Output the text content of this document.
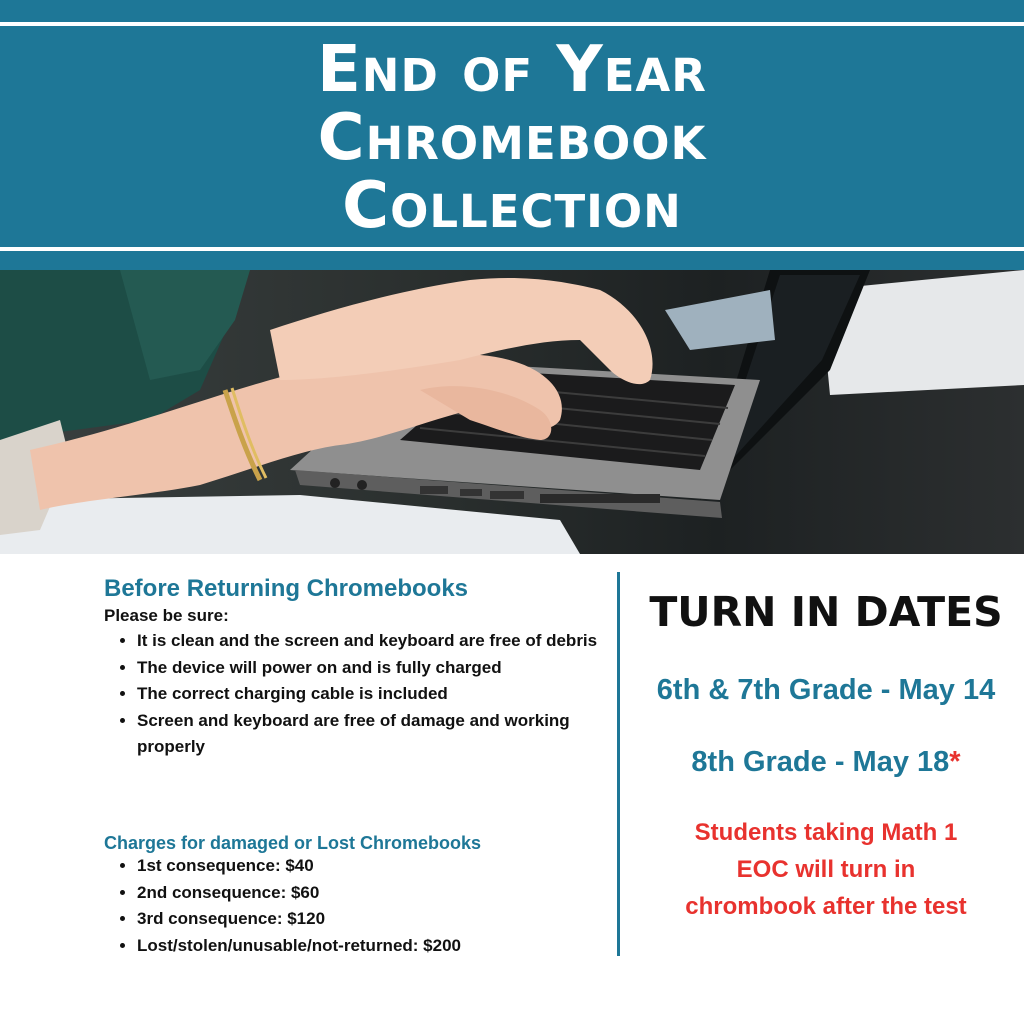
End of Year
Chromebook
Collection
Before Returning Chromebooks

Please be sure:

• It is clean and the screen and keyboard are free of debris
• The device will power on and is fully charged
• The correct charging cable is included
• Screen and keyboard are free of damage and working properly
Charges for damaged or Lost Chromebooks
• 1st consequence: $40
• 2nd consequence: $60
• 3rd consequence: $120
• Lost/stolen/unusable/not-returned: $200
TURN IN DATES

6th & 7th Grade - May 14

8th Grade - May 18*

Students taking Math 1
EOC will turn in
chrombook after the test
